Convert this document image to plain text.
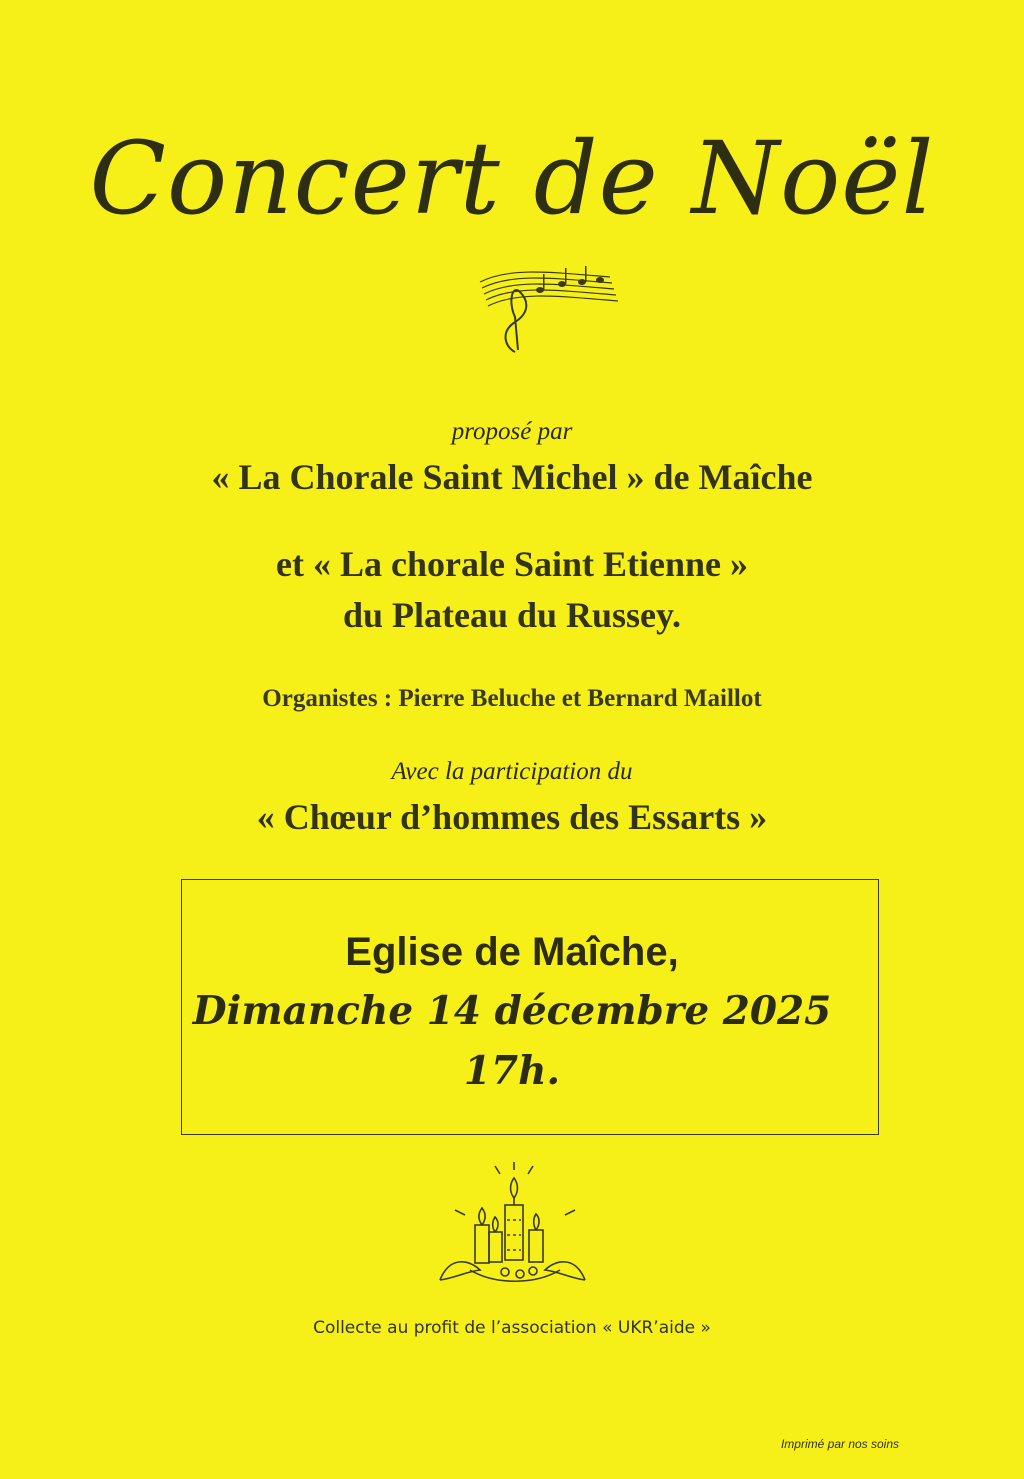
Concert de Noël
proposé par
« La Chorale Saint Michel » de Maîche
et « La chorale Saint Etienne »
du Plateau du Russey.
Organistes : Pierre Beluche et Bernard Maillot
Avec la participation du
« Chœur d’hommes des Essarts »
Eglise de Maîche,
Dimanche 14 décembre 2025
17h.
Collecte au profit de l’association « UKR’aide »
Imprimé par nos soins
